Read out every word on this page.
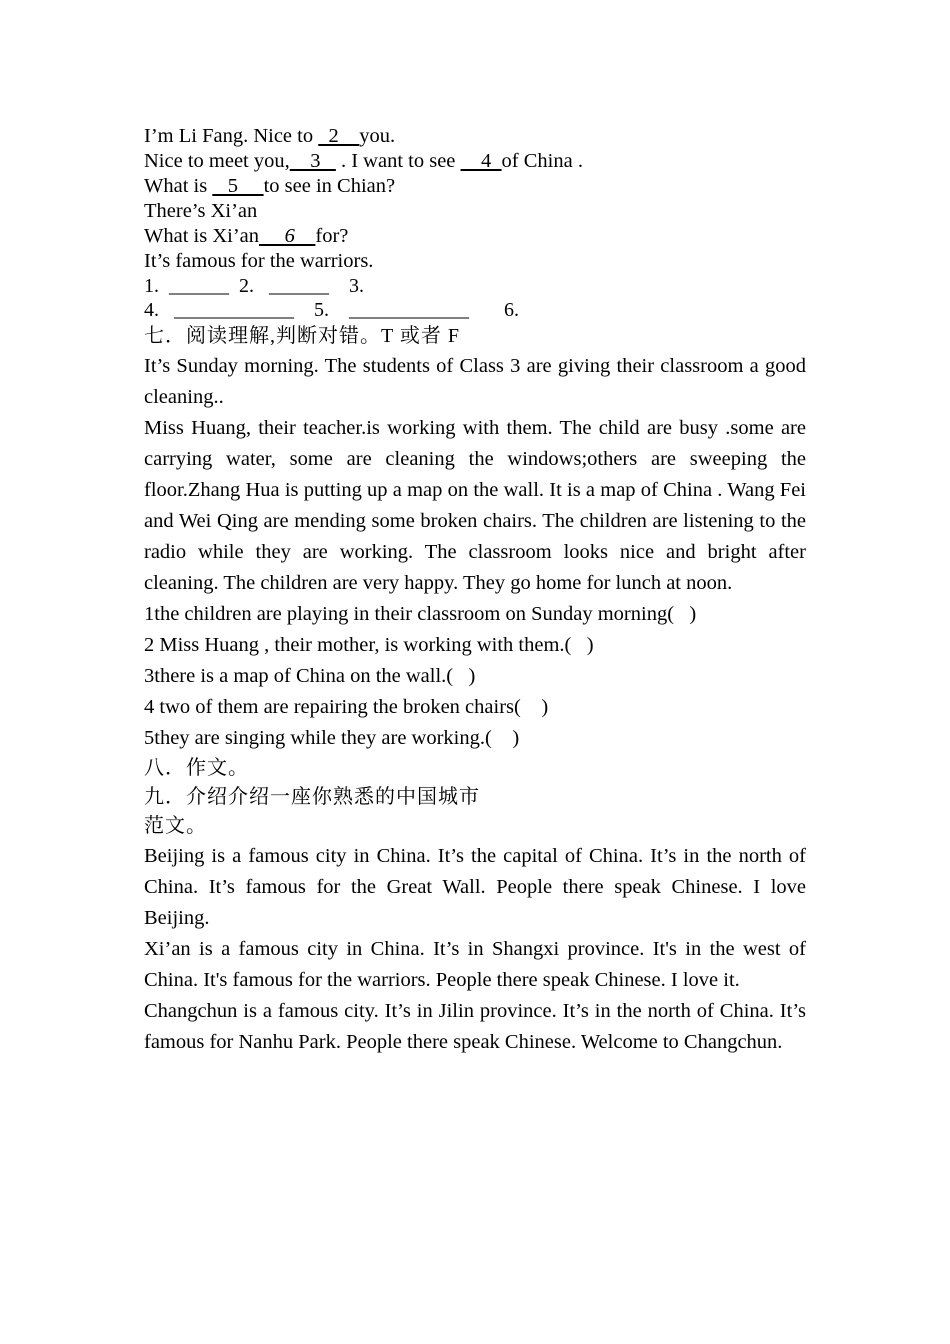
I’m Li Fang. Nice to   2    you.
Nice to meet you,    3    . I want to see     4  of China .
What is    5     to see in Chian?
There’s Xi’an
What is Xi’an     6    for?
It’s famous for the warriors.
1.  ______  2.   ______    3.
4.   ____________    5.    ____________       6.
七．阅读理解,判断对错。T 或者 F
It’s Sunday morning. The students of Class 3 are giving their classroom a good cleaning..
Miss Huang, their teacher.is working with them. The child are busy .some are carrying water, some are cleaning the windows;others are sweeping the floor.Zhang Hua is putting up a map on the wall. It is a map of China . Wang Fei and Wei Qing are mending some broken chairs. The children are listening to the radio while they are working. The classroom looks nice and bright after cleaning. The children are very happy. They go home for lunch at noon.
1the children are playing in their classroom on Sunday morning(   )
2 Miss Huang , their mother, is working with them.(   )
3there is a map of China on the wall.(   )
4 two of them are repairing the broken chairs(    )
5they are singing while they are working.(    )
八．作文。
九．介绍介绍一座你熟悉的中国城市
范文。
Beijing is a famous city in China. It’s the capital of China. It’s in the north of China. It’s famous for the Great Wall. People there speak Chinese. I love Beijing.
Xi’an is a famous city in China. It’s in Shangxi province. It's in the west of China. It's famous for the warriors. People there speak Chinese. I love it.
Changchun is a famous city. It’s in Jilin province. It’s in the north of China. It’s famous for Nanhu Park. People there speak Chinese. Welcome to Changchun.
